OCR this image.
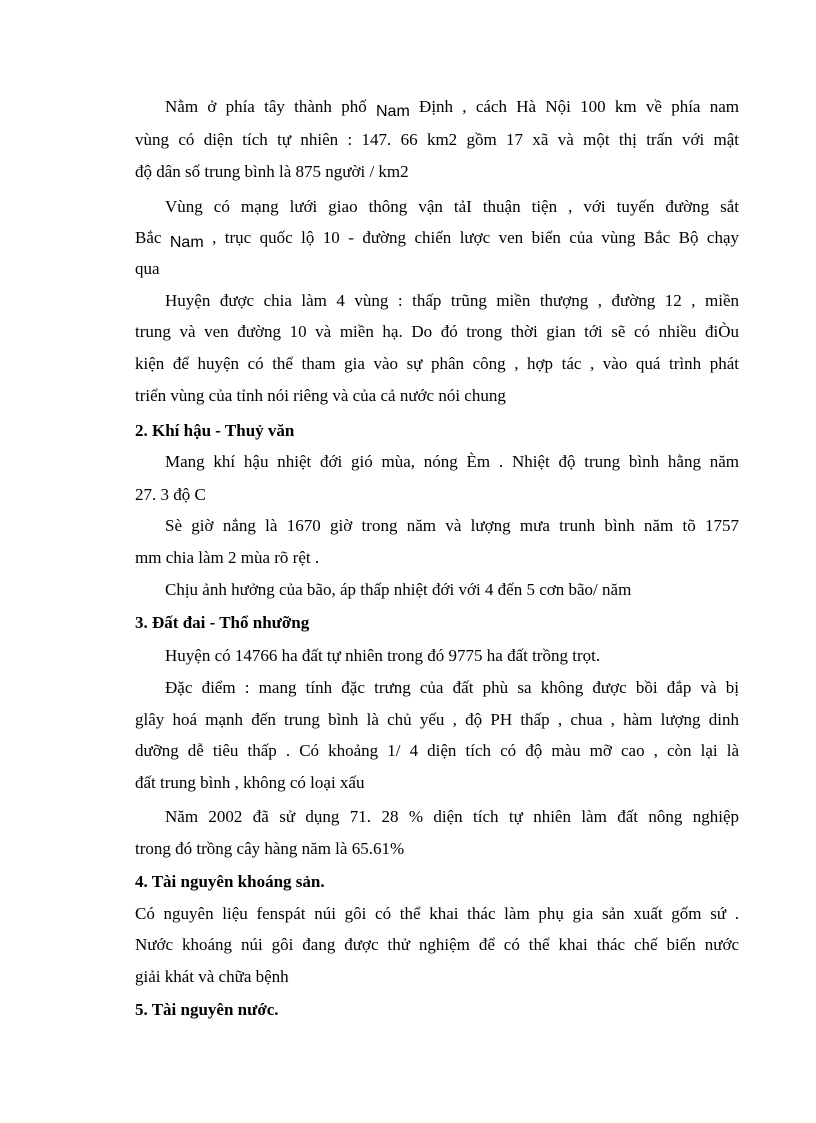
Nằm ở phía tây thành phố Nam Định , cách Hà Nội 100 km về phía nam
vùng có diện tích tự nhiên : 147. 66 km2 gồm 17 xã và một thị trấn với mật
độ dân số trung bình là 875 người / km2
Vùng có mạng lưới giao thông vận tảI thuận tiện , với tuyến đường sắt
Bắc Nam , trục quốc lộ 10 - đường chiến lược ven biển của vùng Bắc Bộ chạy
qua
Huyện được chia làm 4 vùng : thấp trũng miền thượng , đường 12 , miền
trung và ven đường 10 và miền hạ. Do đó trong thời gian tới sẽ có nhiều điÒu
kiện để huyện có thể tham gia vào sự phân công , hợp tác , vào quá trình phát
triển vùng của tỉnh nói riêng và của cả nước nói chung
2. Khí hậu - Thuỷ văn
Mang khí hậu nhiệt đới gió mùa, nóng Èm . Nhiệt độ trung bình hằng năm
27. 3 độ C
Sè giờ nắng là 1670 giờ trong năm và lượng mưa trunh bình năm tõ 1757
mm chia làm 2 mùa rõ rệt .
Chịu ảnh hưởng của bão, áp thấp nhiệt đới với 4 đến 5 cơn bão/ năm
3. Đất đai - Thổ nhưỡng
Huyện có 14766 ha đất tự nhiên trong đó 9775 ha đất trồng trọt.
Đặc điểm : mang tính đặc trưng của đất phù sa không được bồi đắp và bị
glây hoá mạnh đến trung bình là chủ yếu , độ PH thấp , chua , hàm lượng dinh
dưỡng dễ tiêu thấp . Có khoảng 1/ 4 diện tích có độ màu mỡ cao , còn lại là
đất trung bình , không có loại xấu
Năm 2002 đã sử dụng 71. 28 % diện tích tự nhiên làm đất nông nghiệp
trong đó trồng cây hàng năm là 65.61%
4. Tài nguyên khoáng sản.
Có nguyên liệu fenspát núi gôi có thể khai thác làm phụ gia sản xuất gốm sứ .
Nước khoáng núi gôi đang được thử nghiệm để có thể khai thác chế biến nước
giải khát và chữa bệnh
5. Tài nguyên nước.
